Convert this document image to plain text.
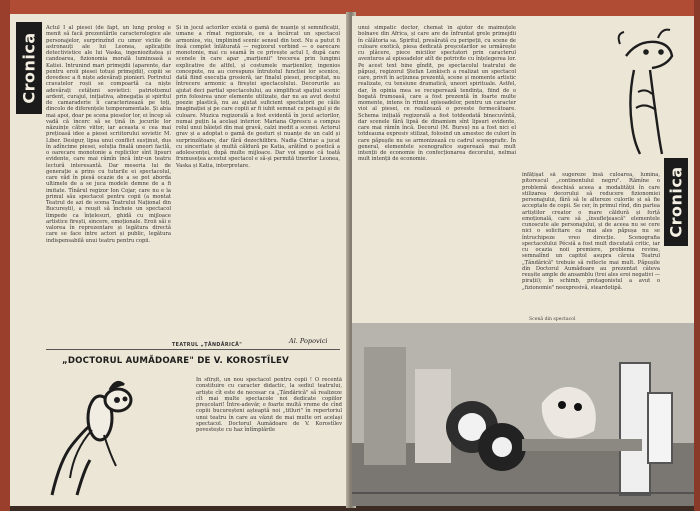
Cronica
Actul I al piesei (de fapt, un lung prolog e menit să facă prezentările caracterologice ale personajelor, surprinzînd cu umor viciile de astronauți ale lui Leonea, aplicațiile detectivistice ale lui Vaska, ingeniozitatea și candoarea, fizionomia morală luminoasă a Katiei. Intrunind mari primejdii (aparente, dar pentru eroii piesei totuși primejdii), copiii se dovedesc a fi niște adevărați pionieri. Portretul cravatelor roșii se compoartă ca niște adevărați cetățeni sovietici: patriotismul ardent, curajul, inițiativa, abnegația și spiritul de camaraderie îi caracterizează pe toți, dincolo de diferențele temperamentale. Și abia mai apoi, doar pe scena pieselor lor, ei încep să vadă că încerc să se țină în jocurile lor năzuințe către viitor, iar aceasta e cea mai prețioasă idee a piesei scriitorului sovietic M. Liber. Desigur, lipsa unui conflict susținut, dus în adîncime piesei, soluția finală uneori facilă, o oarecare monotonie a replicilor sînt lipsuri evidente, care mai rămîn încă într-un teatru lectură interesantă. Dar meseria lui de generație a prins cu tuturile ei spectacolul, care văd în piesă ocazie de a se pot aborda ultimele de a se juca modele demne de a fi imitate. Tînărul regizor Ion Cojar, care nu e la primul său spectacol pentru copii (a montat Teatrul de azi de scena Teatrului Național din București), a reușit să încheie un spectacol limpede ca înțelesuri, ghidă cu mijloace artistice firești, sincere, emoționale. Eroii săi e valorea în reprezentare și legătura directă care se face între actori și public, legătura indispensabilă unui teatru pentru copii.
Și în jocul actorilor există o gamă de nuanțe și semnificații, umane a rîmat regizorale, ce a încărcat un spectacol armonios, viu, implinind scenic sensul din text. Nu a putut fi însă complet înlăturată — regizorul vorbind — o oarecare monotonie, mai cu seamă în ce privește actul I, după care scenele în care apar „marțienii" trecerea prin lungimi explicative de altfel, și costumele marțienilor, ingenios concepute, nu au corespuns întrutotul funcției lor scenice, dată fiind execuția grosieră, iar finalul piesei, precipitat, nu întrecere armonic a fireștei spectacolului. Decorurile au ajutat deci partial spectacolului, au simplificat spațiul scenic prin folosirea unor elemente utilizate, dar nu au avut destul poezie plastică, nu au ajutat suficient spectatorii pe căile imaginației și pe care copiii ar fi iubit semnat cu peisajul și de culoare. Muzica regizorală a fost evidentă în jocul actorilor, numai puțin la același interior. Mariana Oprescu a compus rolul unui băiețel din mai gravă, calzi inedit a scenei. Actorul grav și a adoptat o gamă de gesturi și nuanțe de un cald și surprinzătoare, dar fără dezechilibru. Nadia Chiriac a jucat cu sinceritate și multă căldură pe Katia, arătînd o poetică a adolescenței, după multe mijloace. Dar voi spune că toată frumusețea acestui spectacol e să-și permită tinerilor Leonea, Vaska și Katia, interpretare.
Al. Popovici
TEATRUL „ȚĂNDĂRICĂ"
„DOCTORUL AUMĂDOARE" DE V. KOROSTÎLEV
În sfîrșit, un nou spectacol pentru copii ! O recentă constituire cu caracter didactic, la sediul teatrului, artiște cît este de necesar ca „Țăndărică" să realizeze cît mai multe spectacole noi dedicate copiilor preșcolari! Între-adevăr, e foarte multă vreme de cînd copiii bucureșteni așteaptă noi „titluri" în repertoriul unui teatru în care au văzut de mai multe ori același spectacol. Doctorul Aumădoare de V. Korostîlev povestește cu haz întîmplările
unui simpatic doctor, chemat în ajutor de maimuțele bolnave din Africa, și care are de înfruntat grele primejdii în călătoria sa. Spiritul, presărată cu peripeții, cu scene de culoare exotică, piesa dedicată preșcolarilor se urmărește cu plăcere, piece miciilor spectatori prin caracterul aventuros al episoadelor atît de potrivite cu înțelegerea lor. Pe acest text bine gîndit, pe spectacolul teatrului de păpuși, regizorul Ștefan Lenkisch a realizat un spectacol care, privit în acțiunea prezentă, scene și momente artistic realizate, cu tensiune dramatică, uneori spirituale. Astfel, dar, în opinia mea se recuperează tendința, fiind de o bogată frumoasă, care a fost prezentă în foarte multe momente, intens în ritmul episoadelor, pentru un caracter vioi al piesei, ce realizează o poveste fermecătoare. Schema inițială regizorală a fost totdeodată binecuvîntă, dar scenele fără lipsă de dinamism sînt lipsuri evidente, care mai rămîn încă. Decorul (M. Bursu) nu a fost nici el totdeauna expresiv stilizat, folosind un amestec de culori în care păpușile nu se armonizează cu cadrul scenografic. În general, elementele scenografice sugerează mai mult intenții de economie în confecționarea decorului, nelmai mult intenții de economie.
înfățișat să sugereze însă culoarea, lumina, pitorescul „continentului negru". Rămîne o problemă deschisă aceea a modalității în care stilizarea decorului să reducere fizionomiei personajului, fără să le altereze culorile și să fie acceptate de copii. Se cer, în primul rînd, din partea artiștilor creator o mare căldură și forță emoțională, care să „însufleţească" elementele cunoscute ale personajului, și de aceea nu se cere nici o solicitare ca mai ales păpușa nu se întruchipeze vreo direcție. Scenografia spectacolului Pécsiă a fost mult discutată critic, iar cu ocazia noii premiere, problema revine, semnalînd un capitol asupra căruia Teatrul „Țăndărică" trebuie să reflecte mai mult. Păpușile din Doctorul Aumădoare au prezentat câteva reușite ample de ansamblu (trei ales eroi negativi — pirații); în schimb, protagonistul a avut o „fizionomie" neexpresivă, steardotipă.
Cronica
Scenă din spectacol
